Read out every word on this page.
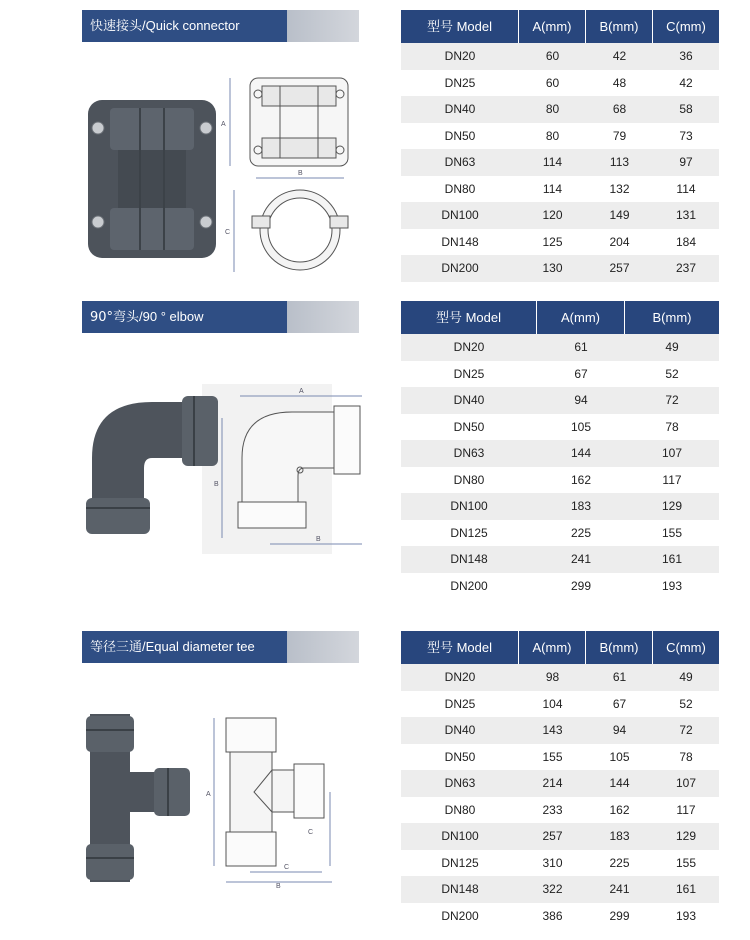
快速接头/Quick connector
A
B
C
型号 Model	A(mm)	B(mm)	C(mm)
DN20	60	42	36
DN25	60	48	42
DN40	80	68	58
DN50	80	79	73
DN63	114	113	97
DN80	114	132	114
DN100	120	149	131
DN148	125	204	184
DN200	130	257	237
90°弯头/90 ° elbow
A
B
B
型号 Model	A(mm)	B(mm)
DN20	61	49
DN25	67	52
DN40	94	72
DN50	105	78
DN63	144	107
DN80	162	117
DN100	183	129
DN125	225	155
DN148	241	161
DN200	299	193
等径三通/Equal diameter tee
A
B
C
C
型号 Model	A(mm)	B(mm)	C(mm)
DN20	98	61	49
DN25	104	67	52
DN40	143	94	72
DN50	155	105	78
DN63	214	144	107
DN80	233	162	117
DN100	257	183	129
DN125	310	225	155
DN148	322	241	161
DN200	386	299	193
